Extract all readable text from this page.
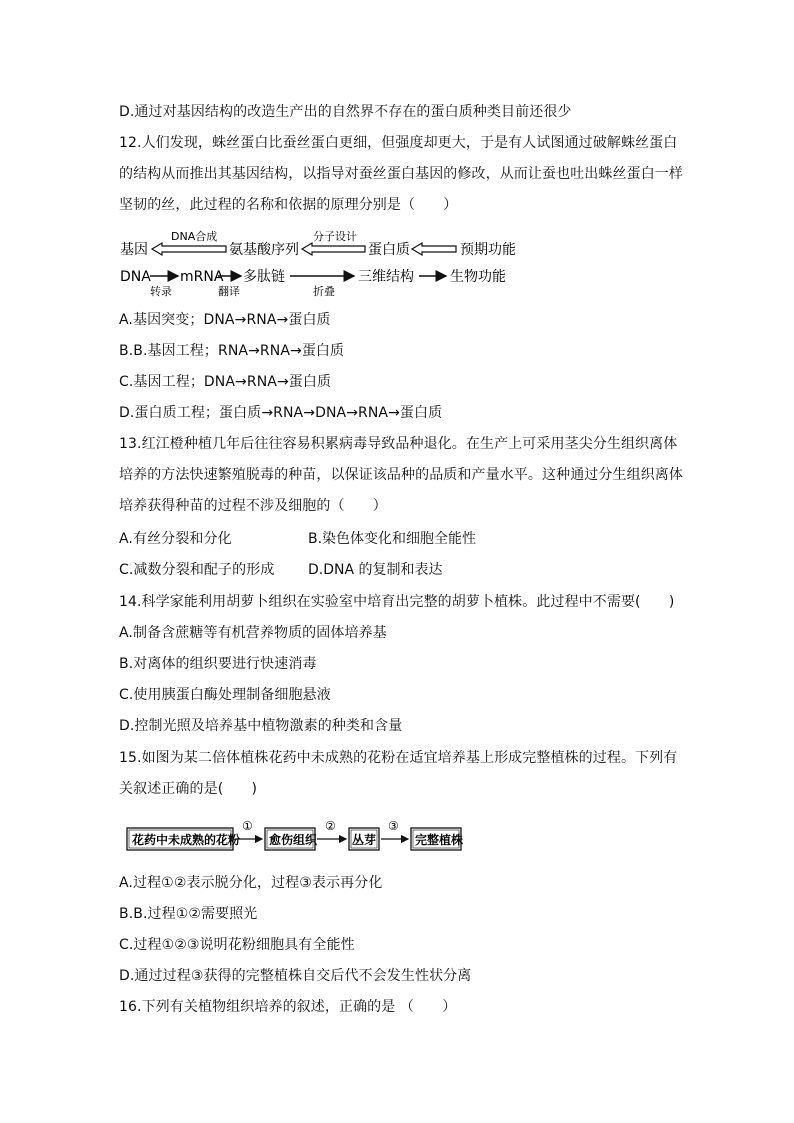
D.通过对基因结构的改造生产出的自然界不存在的蛋白质种类目前还很少
12.人们发现，蛛丝蛋白比蚕丝蛋白更细，但强度却更大，于是有人试图通过破解蛛丝蛋白
的结构从而推出其基因结构，以指导对蚕丝蛋白基因的修改，从而让蚕也吐出蛛丝蛋白一样
坚韧的丝，此过程的名称和依据的原理分别是（　　）
基因
DNA合成
氨基酸序列
分子设计
蛋白质	预期功能
DNA
转录
mRNA
翻译
多肽链
折叠
三维结构	生物功能
A.基因突变；DNA→RNA→蛋白质
B.B.基因工程；RNA→RNA→蛋白质
C.基因工程；DNA→RNA→蛋白质
D.蛋白质工程；蛋白质→RNA→DNA→RNA→蛋白质
13.红江橙种植几年后往往容易积累病毒导致品种退化。在生产上可采用茎尖分生组织离体
培养的方法快速繁殖脱毒的种苗，以保证该品种的品质和产量水平。这种通过分生组织离体
培养获得种苗的过程不涉及细胞的（　　）
A.有丝分裂和分化	B.染色体变化和细胞全能性
C.减数分裂和配子的形成 D.DNA 的复制和表达
14.科学家能利用胡萝卜组织在实验室中培育出完整的胡萝卜植株。此过程中不需要(　　)
A.制备含蔗糖等有机营养物质的固体培养基
B.对离体的组织要进行快速消毒
C.使用胰蛋白酶处理制备细胞悬液
D.控制光照及培养基中植物激素的种类和含量
15.如图为某二倍体植株花药中未成熟的花粉在适宜培养基上形成完整植株的过程。下列有
关叙述正确的是(　　)
花药中未成熟的花粉
①
愈伤组织
②
丛芽
③
完整植株
A.过程①②表示脱分化，过程③表示再分化
B.B.过程①②需要照光
C.过程①②③说明花粉细胞具有全能性
D.通过过程③获得的完整植株自交后代不会发生性状分离
16.下列有关植物组织培养的叙述，正确的是 （　　）
